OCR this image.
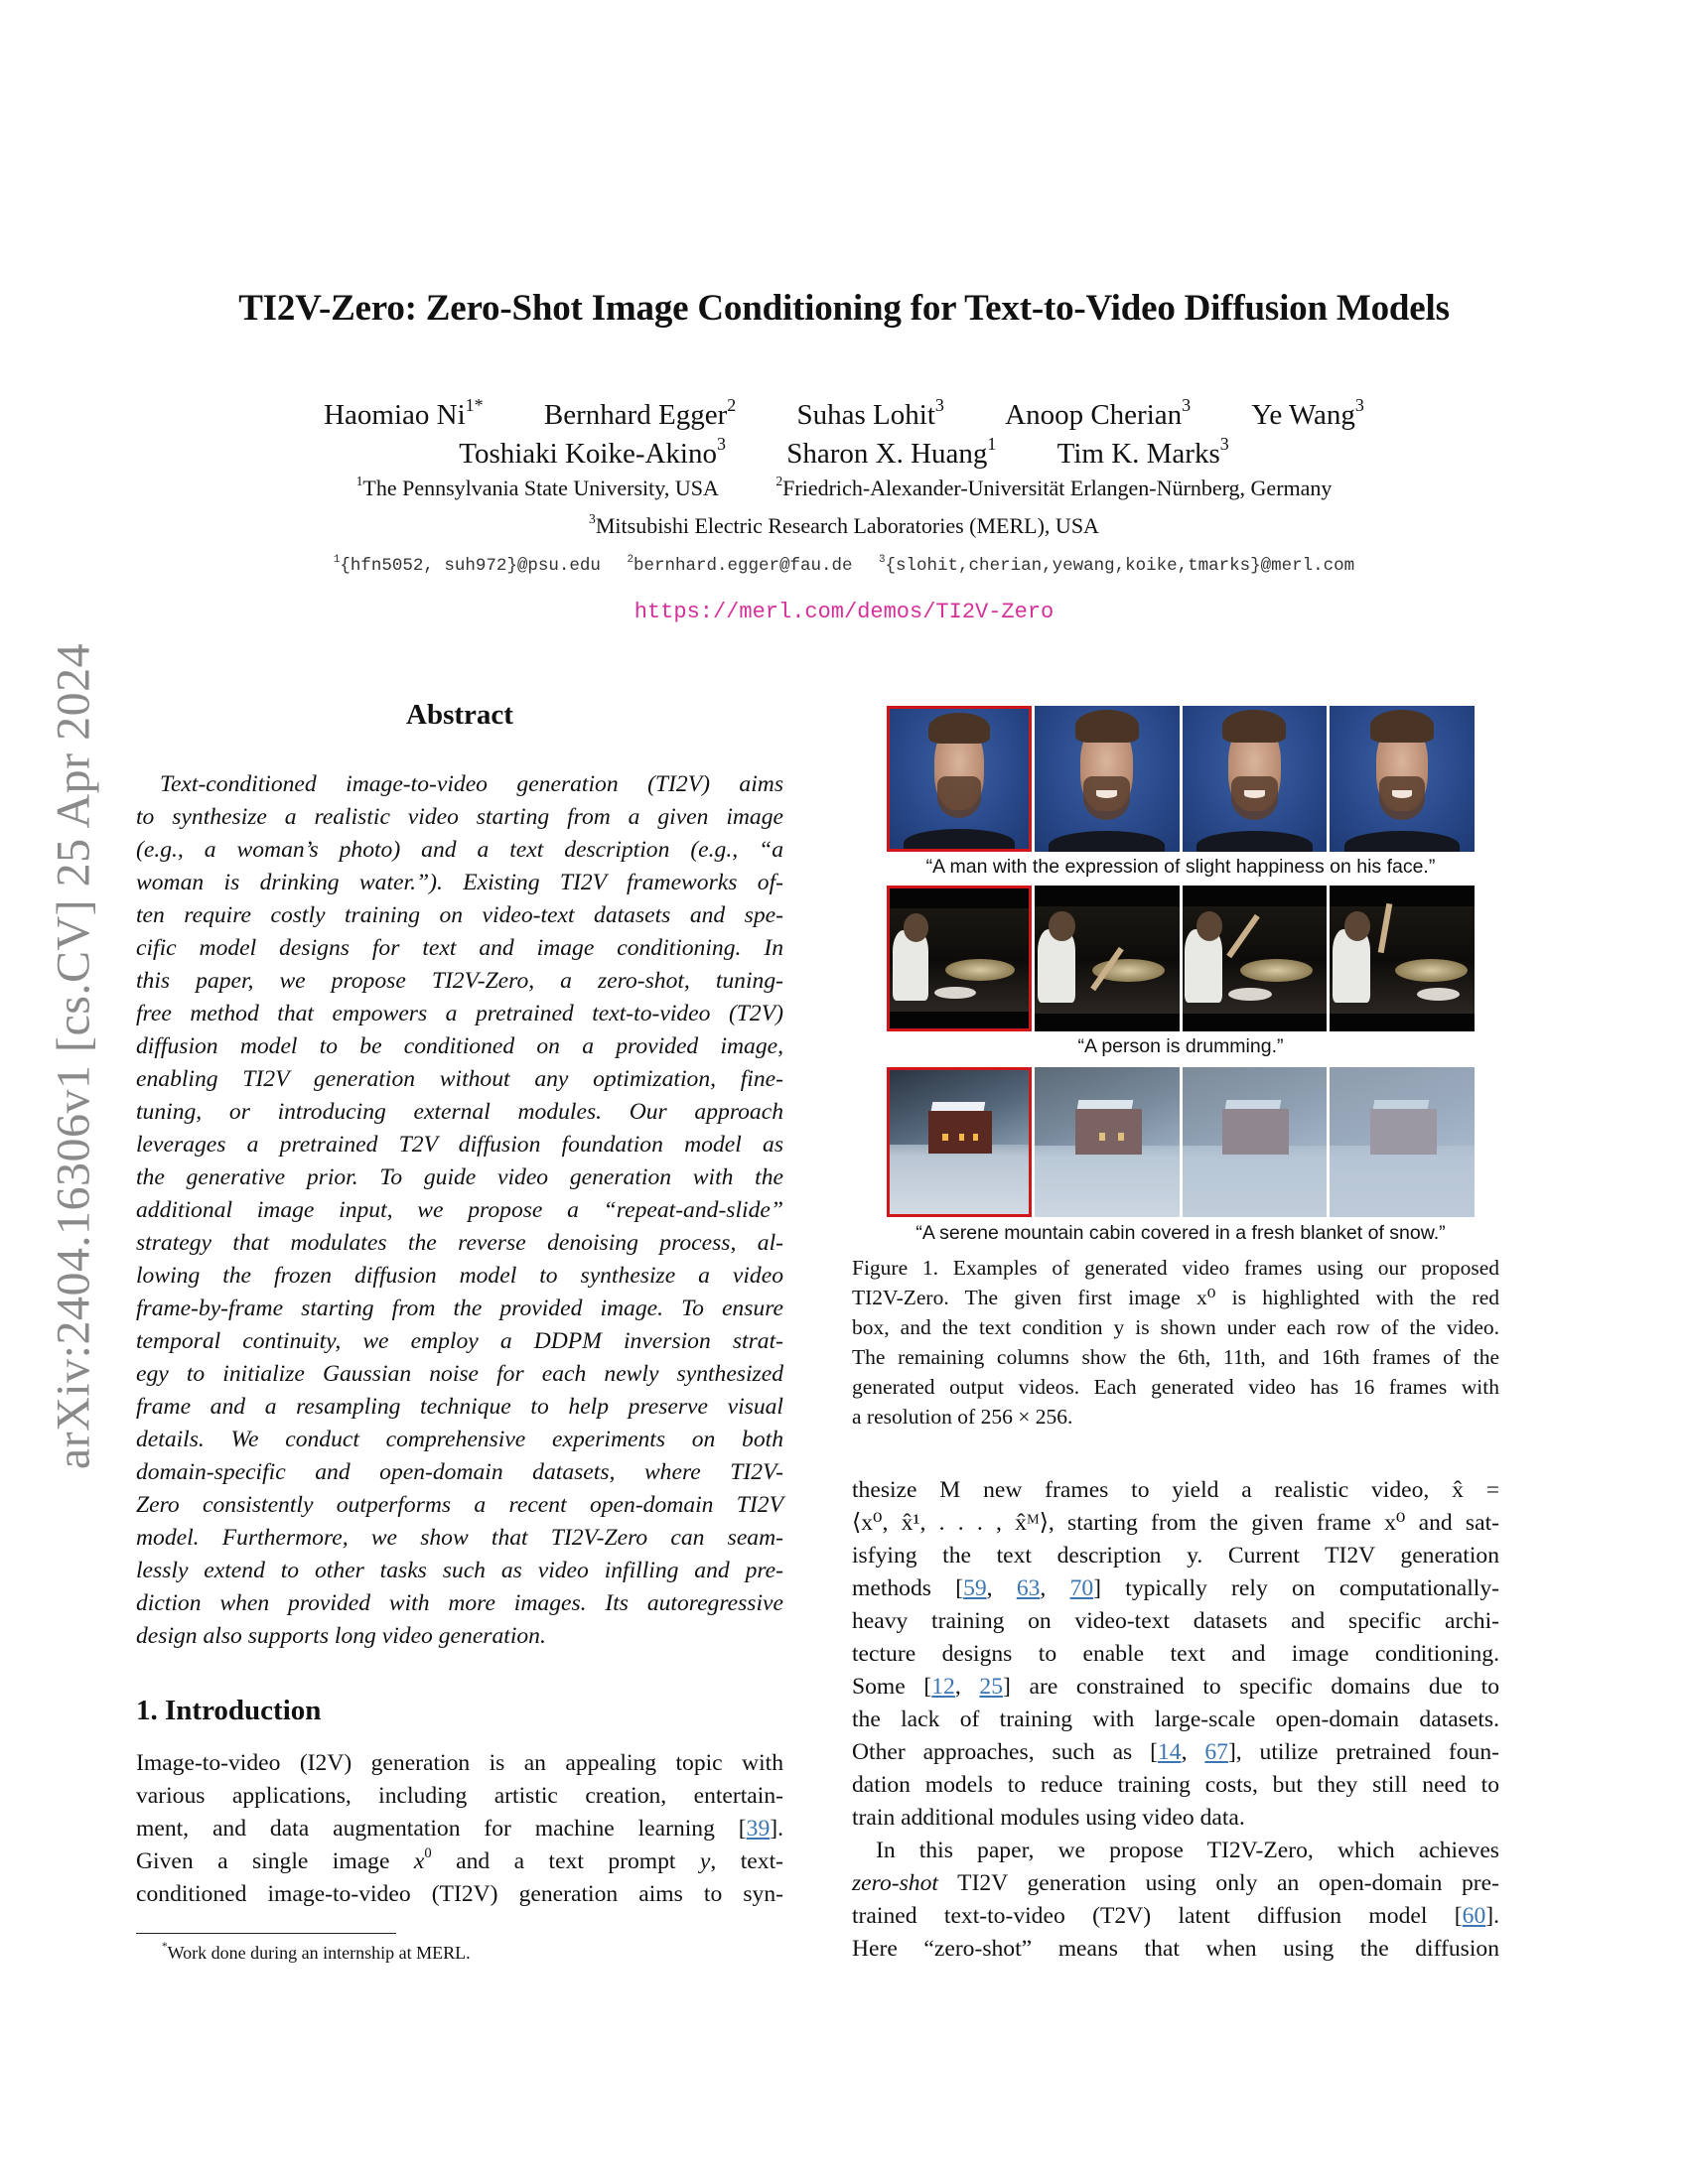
arXiv:2404.16306v1 [cs.CV] 25 Apr 2024
TI2V-Zero: Zero-Shot Image Conditioning for Text-to-Video Diffusion Models
Haomiao $Ni^{1*}$ Bernhard Egger$^2$ Suhas Lohit$^3$ Anoop Cherian$^3$ Ye Wang$^3$
Toshiaki Koike-Akino$^3$ Sharon X. Huang$^1$ Tim K. Marks$^3$
$^1$The Pennsylvania State University, USA	$^2$Friedrich-Alexander-Universität Erlangen-Nürnberg, Germany
$^3$Mitsubishi Electric Research Laboratories (MERL), USA
$^1${hfn5052, suh972}@psu.edu $^2$bernhard.egger@fau.de $^3${slohit,cherian,yewang,koike,tmarks}@merl.com
https://merl.com/demos/TI2V-Zero
Abstract
Text-conditioned image-to-video generation (TI2V) aims
to synthesize a realistic video starting from a given image
(e.g., a woman’s photo) and a text description (e.g., “a
woman is drinking water.”). Existing TI2V frameworks of-
ten require costly training on video-text datasets and spe-
cific model designs for text and image conditioning. In
this paper, we propose TI2V-Zero, a zero-shot, tuning-
free method that empowers a pretrained text-to-video (T2V)
diffusion model to be conditioned on a provided image,
enabling TI2V generation without any optimization, fine-
tuning, or introducing external modules. Our approach
leverages a pretrained T2V diffusion foundation model as
the generative prior. To guide video generation with the
additional image input, we propose a “repeat-and-slide”
strategy that modulates the reverse denoising process, al-
lowing the frozen diffusion model to synthesize a video
frame-by-frame starting from the provided image. To ensure
temporal continuity, we employ a DDPM inversion strat-
egy to initialize Gaussian noise for each newly synthesized
frame and a resampling technique to help preserve visual
details. We conduct comprehensive experiments on both
domain-specific and open-domain datasets, where TI2V-
Zero consistently outperforms a recent open-domain TI2V
model. Furthermore, we show that TI2V-Zero can seam-
lessly extend to other tasks such as video infilling and pre-
diction when provided with more images. Its autoregressive
design also supports long video generation.
1. Introduction
Image-to-video (I2V) generation is an appealing topic with
various applications, including artistic creation, entertain-
ment, and data augmentation for machine learning [39].
Given a single image $x^0$ and a text prompt y, text-
conditioned image-to-video (TI2V) generation aims to syn-
*Work done during an internship at MERL.
“A man with the expression of slight happiness on his face.”
“A person is drumming.”
“A serene mountain cabin covered in a fresh blanket of snow.”
Figure 1. Examples of generated video frames using our proposed
TI2V-Zero. The given first image x⁰ is highlighted with the red
box, and the text condition y is shown under each row of the video.
The remaining columns show the 6th, 11th, and 16th frames of the
generated output videos. Each generated video has 16 frames with
a resolution of 256 × 256.
thesize M new frames to yield a realistic video, x̂ =
⟨x⁰, x̂¹, . . . , x̂ᴹ⟩, starting from the given frame x⁰ and sat-
isfying the text description y. Current TI2V generation
methods [59, 63, 70] typically rely on computationally-
heavy training on video-text datasets and specific archi-
tecture designs to enable text and image conditioning.
Some [12, 25] are constrained to specific domains due to
the lack of training with large-scale open-domain datasets.
Other approaches, such as [14, 67], utilize pretrained foun-
dation models to reduce training costs, but they still need to
train additional modules using video data.
In this paper, we propose TI2V-Zero, which achieves
zero-shot TI2V generation using only an open-domain pre-
trained text-to-video (T2V) latent diffusion model [60].
Here “zero-shot” means that when using the diffusion
